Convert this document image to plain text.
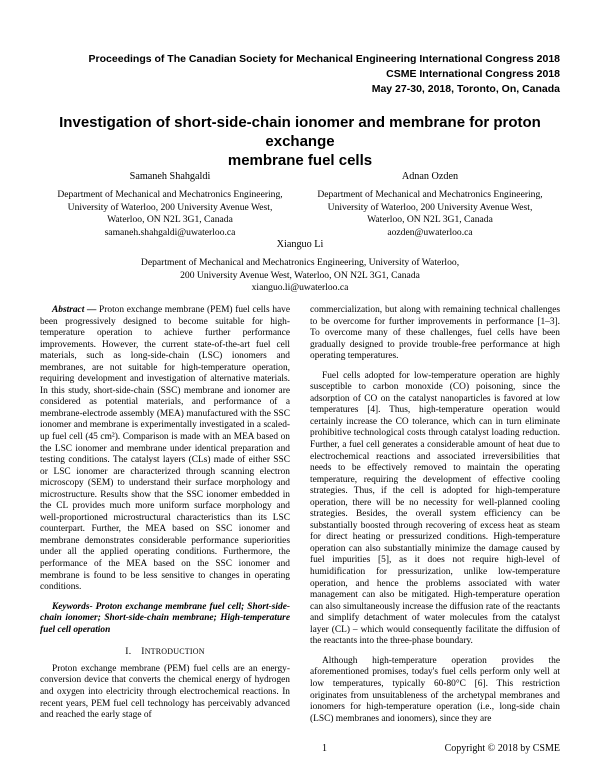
Proceedings of The Canadian Society for Mechanical Engineering International Congress 2018
CSME International Congress 2018
May 27-30, 2018, Toronto, On, Canada
Investigation of short-side-chain ionomer and membrane for proton exchange
membrane fuel cells
Samaneh Shahgaldi
Department of Mechanical and Mechatronics Engineering,
University of Waterloo, 200 University Avenue West,
Waterloo, ON N2L 3G1, Canada
samaneh.shahgaldi@uwaterloo.ca
Adnan Ozden
Department of Mechanical and Mechatronics Engineering,
University of Waterloo, 200 University Avenue West,
Waterloo, ON N2L 3G1, Canada
aozden@uwaterloo.ca
Xianguo Li
Department of Mechanical and Mechatronics Engineering, University of Waterloo,
200 University Avenue West, Waterloo, ON N2L 3G1, Canada
xianguo.li@uwaterloo.ca

Abstract — Proton exchange membrane (PEM) fuel cells have been progressively designed to become suitable for high-temperature operation to achieve further performance improvements. However, the current state-of-the-art fuel cell materials, such as long-side-chain (LSC) ionomers and membranes, are not suitable for high-temperature operation, requiring development and investigation of alternative materials. In this study, short-side-chain (SSC) membrane and ionomer are considered as potential materials, and performance of a membrane-electrode assembly (MEA) manufactured with the SSC ionomer and membrane is experimentally investigated in a scaled-up fuel cell (45 cm²). Comparison is made with an MEA based on the LSC ionomer and membrane under identical preparation and testing conditions. The catalyst layers (CLs) made of either SSC or LSC ionomer are characterized through scanning electron microscopy (SEM) to understand their surface morphology and microstructure. Results show that the SSC ionomer embedded in the CL provides much more uniform surface morphology and well-proportioned microstructural characteristics than its LSC counterpart. Further, the MEA based on SSC ionomer and membrane demonstrates considerable performance superiorities under all the applied operating conditions. Furthermore, the performance of the MEA based on the SSC ionomer and membrane is found to be less sensitive to changes in operating conditions.

Keywords- Proton exchange membrane fuel cell; Short-side-chain ionomer; Short-side-chain membrane; High-temperature fuel cell operation

I. INTRODUCTION

Proton exchange membrane (PEM) fuel cells are an energy-conversion device that converts the chemical energy of hydrogen and oxygen into electricity through electrochemical reactions. In recent years, PEM fuel cell technology has perceivably advanced and reached the early stage of

commercialization, but along with remaining technical challenges to be overcome for further improvements in performance [1–3]. To overcome many of these challenges, fuel cells have been gradually designed to provide trouble-free performance at high operating temperatures.

Fuel cells adopted for low-temperature operation are highly susceptible to carbon monoxide (CO) poisoning, since the adsorption of CO on the catalyst nanoparticles is favored at low temperatures [4]. Thus, high-temperature operation would certainly increase the CO tolerance, which can in turn eliminate prohibitive technological costs through catalyst loading reduction. Further, a fuel cell generates a considerable amount of heat due to electrochemical reactions and associated irreversibilities that needs to be effectively removed to maintain the operating temperature, requiring the development of effective cooling strategies. Thus, if the cell is adopted for high-temperature operation, there will be no necessity for well-planned cooling strategies. Besides, the overall system efficiency can be substantially boosted through recovering of excess heat as steam for direct heating or pressurized conditions. High-temperature operation can also substantially minimize the damage caused by fuel impurities [5], as it does not require high-level of humidification for pressurization, unlike low-temperature operation, and hence the problems associated with water management can also be mitigated. High-temperature operation can also simultaneously increase the diffusion rate of the reactants and simplify detachment of water molecules from the catalyst layer (CL) – which would consequently facilitate the diffusion of the reactants into the three-phase boundary.

Although high-temperature operation provides the aforementioned promises, today's fuel cells perform only well at low temperatures, typically 60-80°C [6]. This restriction originates from unsuitableness of the archetypal membranes and ionomers for high-temperature operation (i.e., long-side chain (LSC) membranes and ionomers), since they are

1	Copyright © 2018 by CSME
